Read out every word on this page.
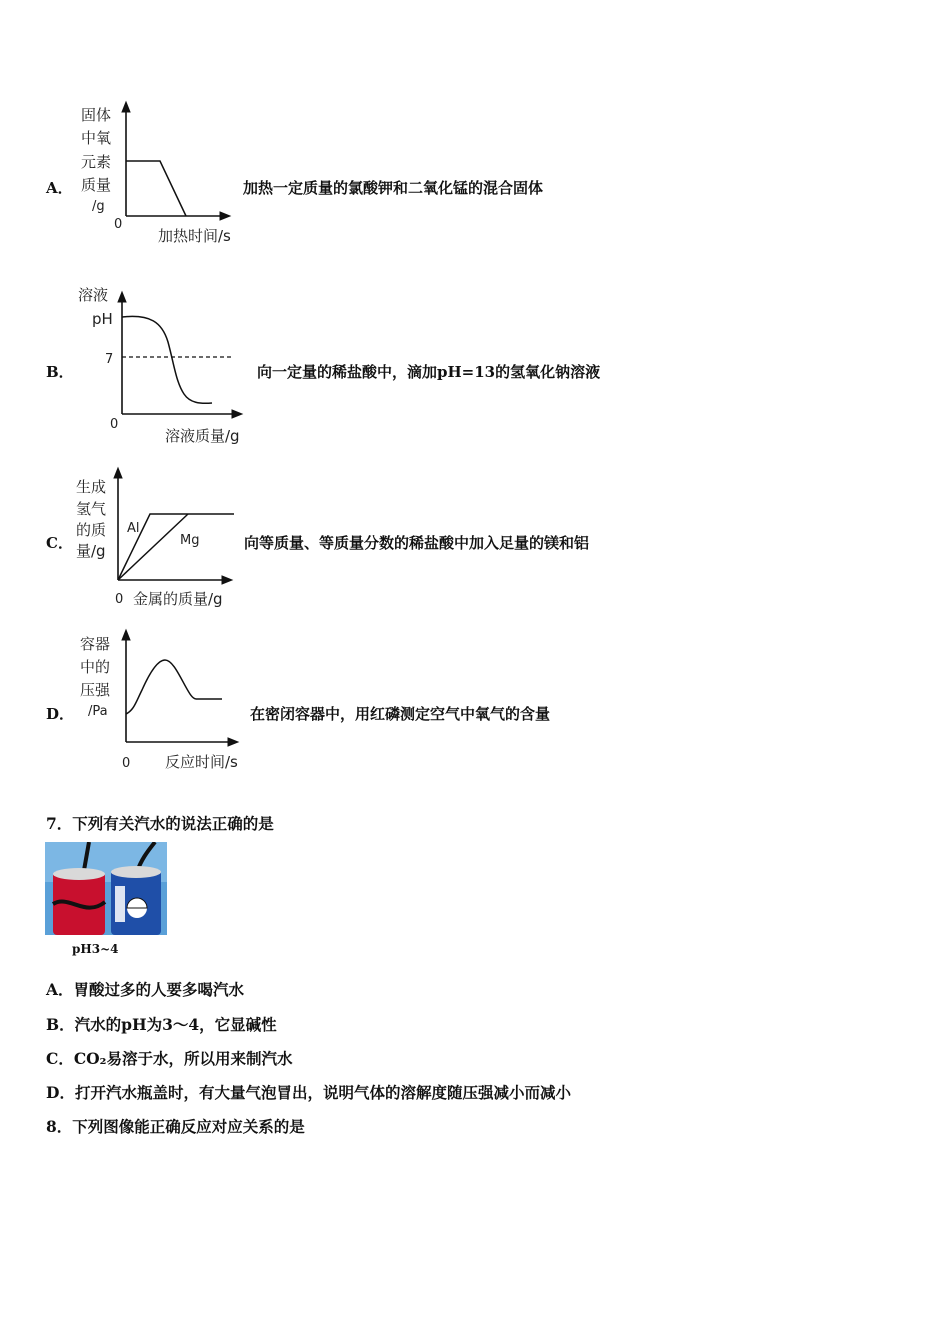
A．
固体
中氧
元素
质量
/g
0
加热时间/s
加热一定质量的氯酸钾和二氧化锰的混合固体
B．
溶液
pH
7
0
溶液质量/g
向一定量的稀盐酸中，滴加pH=13的氢氧化钠溶液
C．
生成
氢气
的质
量/g
Al
Mg
0 金属的质量/g
向等质量、等质量分数的稀盐酸中加入足量的镁和铝
D．
容器
中的
压强
/Pa
0 反应时间/s
在密闭容器中，用红磷测定空气中氧气的含量
7．下列有关汽水的说法正确的是
pH3~4
A．胃酸过多的人要多喝汽水
B．汽水的pH为3～4，它显碱性
C．CO₂易溶于水，所以用来制汽水
D．打开汽水瓶盖时，有大量气泡冒出，说明气体的溶解度随压强减小而减小
8．下列图像能正确反应对应关系的是
